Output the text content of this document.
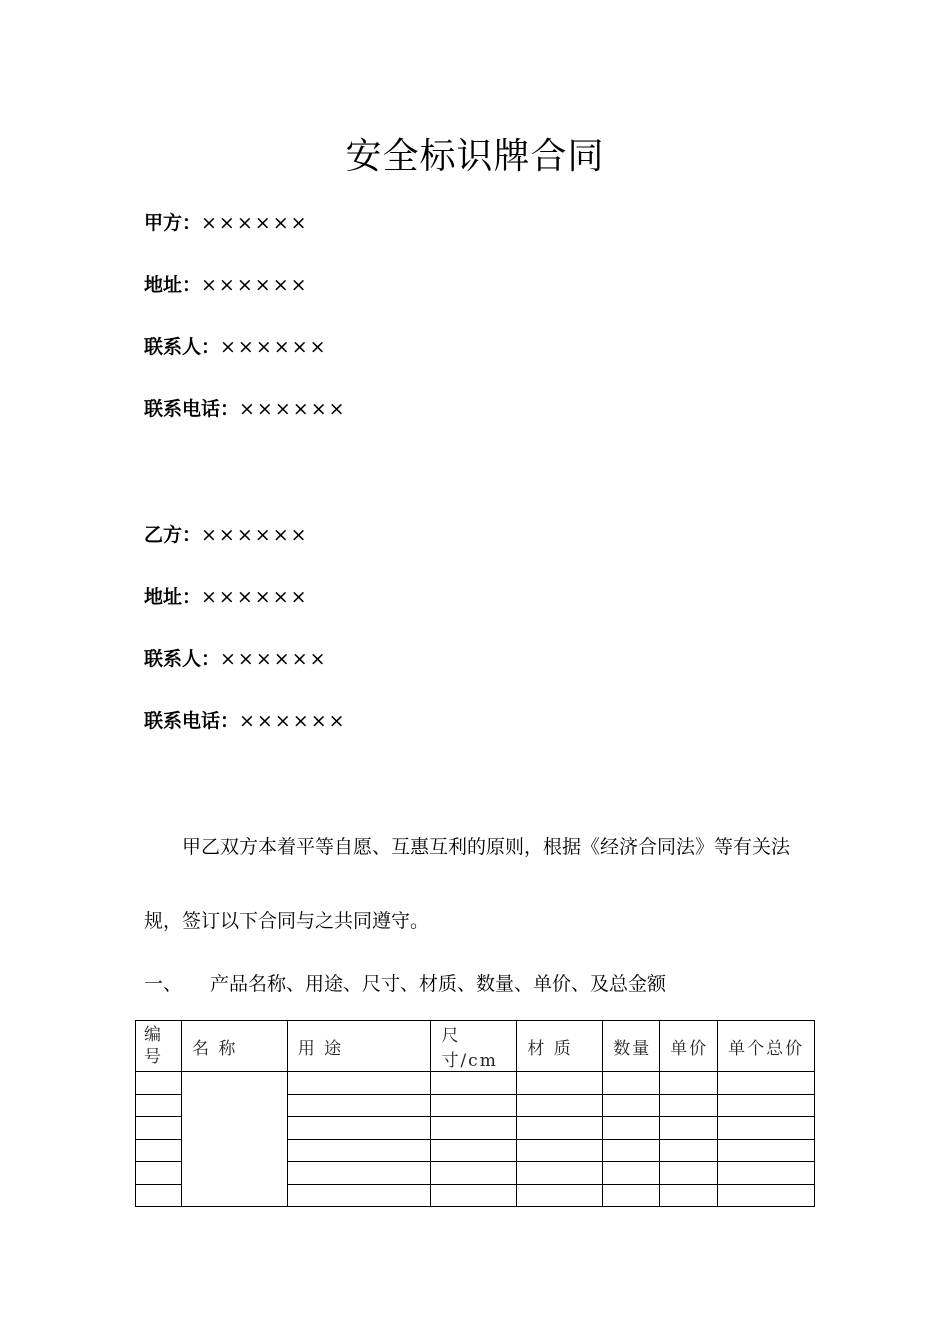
安全标识牌合同
甲方：××××××
地址：××××××
联系人：××××××
联系电话：××××××
乙方：××××××
地址：××××××
联系人：××××××
联系电话：××××××
甲乙双方本着平等自愿、互惠互利的原则，根据《经济合同法》等有关法
规，签订以下合同与之共同遵守。
一、 产品名称、用途、尺寸、材质、数量、单价、及总金额
编 号	名 称	用 途	尺寸/cm	材 质	数量	单价	单个总价
